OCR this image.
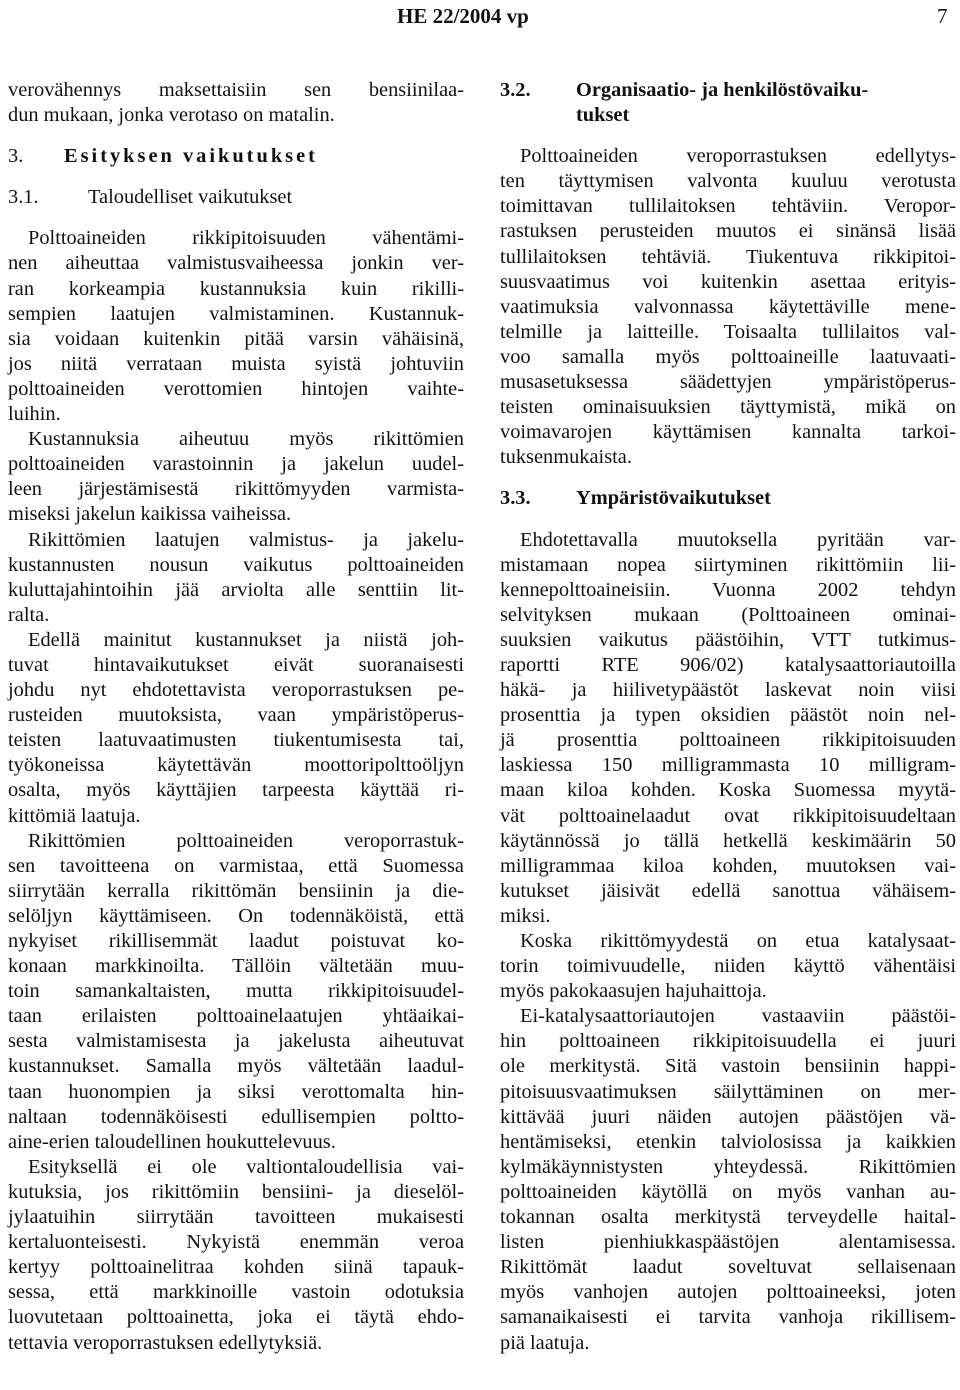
HE 22/2004 vp	7
verovähennys maksettaisiin sen bensiinilaa-
dun mukaan, jonka verotaso on matalin.
3. Esityksen vaikutukset
3.1. Taloudelliset vaikutukset
Polttoaineiden rikkipitoisuuden vähentämi-
nen aiheuttaa valmistusvaiheessa jonkin ver-
ran korkeampia kustannuksia kuin rikilli-
sempien laatujen valmistaminen. Kustannuk-
sia voidaan kuitenkin pitää varsin vähäisinä,
jos niitä verrataan muista syistä johtuviin
polttoaineiden verottomien hintojen vaihte-
luihin.
Kustannuksia aiheutuu myös rikittömien
polttoaineiden varastoinnin ja jakelun uudel-
leen järjestämisestä rikittömyyden varmista-
miseksi jakelun kaikissa vaiheissa.
Rikittömien laatujen valmistus- ja jakelu-
kustannusten nousun vaikutus polttoaineiden
kuluttajahintoihin jää arviolta alle senttiin lit-
ralta.
Edellä mainitut kustannukset ja niistä joh-
tuvat hintavaikutukset eivät suoranaisesti
johdu nyt ehdotettavista veroporrastuksen pe-
rusteiden muutoksista, vaan ympäristöperus-
teisten laatuvaatimusten tiukentumisesta tai,
työkoneissa käytettävän moottoripolttoöljyn
osalta, myös käyttäjien tarpeesta käyttää ri-
kittömiä laatuja.
Rikittömien polttoaineiden veroporrastuk-
sen tavoitteena on varmistaa, että Suomessa
siirrytään kerralla rikittömän bensiinin ja die-
selöljyn käyttämiseen. On todennäköistä, että
nykyiset rikillisemmät laadut poistuvat ko-
konaan markkinoilta. Tällöin vältetään muu-
toin samankaltaisten, mutta rikkipitoisuudel-
taan erilaisten polttoainelaatujen yhtäaikai-
sesta valmistamisesta ja jakelusta aiheutuvat
kustannukset. Samalla myös vältetään laadul-
taan huonompien ja siksi verottomalta hin-
naltaan todennäköisesti edullisempien poltto-
aine-erien taloudellinen houkuttelevuus.
Esityksellä ei ole valtiontaloudellisia vai-
kutuksia, jos rikittömiin bensiini- ja dieselöl-
jylaatuihin siirrytään tavoitteen mukaisesti
kertaluonteisesti. Nykyistä enemmän veroa
kertyy polttoainelitraa kohden siinä tapauk-
sessa, että markkinoille vastoin odotuksia
luovutetaan polttoainetta, joka ei täytä ehdo-
tettavia veroporrastuksen edellytyksiä.
3.2. Organisaatio- ja henkilöstövaiku-
tukset
Polttoaineiden veroporrastuksen edellytys-
ten täyttymisen valvonta kuuluu verotusta
toimittavan tullilaitoksen tehtäviin. Veropor-
rastuksen perusteiden muutos ei sinänsä lisää
tullilaitoksen tehtäviä. Tiukentuva rikkipitoi-
suusvaatimus voi kuitenkin asettaa erityis-
vaatimuksia valvonnassa käytettäville mene-
telmille ja laitteille. Toisaalta tullilaitos val-
voo samalla myös polttoaineille laatuvaati-
musasetuksessa säädettyjen ympäristöperus-
teisten ominaisuuksien täyttymistä, mikä on
voimavarojen käyttämisen kannalta tarkoi-
tuksenmukaista.
3.3. Ympäristövaikutukset
Ehdotettavalla muutoksella pyritään var-
mistamaan nopea siirtyminen rikittömiin lii-
kennepolttoaineisiin. Vuonna 2002 tehdyn
selvityksen mukaan (Polttoaineen ominai-
suuksien vaikutus päästöihin, VTT tutkimus-
raportti RTE 906/02) katalysaattoriautoilla
häkä- ja hiilivetypäästöt laskevat noin viisi
prosenttia ja typen oksidien päästöt noin nel-
jä prosenttia polttoaineen rikkipitoisuuden
laskiessa 150 milligrammasta 10 milligram-
maan kiloa kohden. Koska Suomessa myytä-
vät polttoainelaadut ovat rikkipitoisuudeltaan
käytännössä jo tällä hetkellä keskimäärin 50
milligrammaa kiloa kohden, muutoksen vai-
kutukset jäisivät edellä sanottua vähäisem-
miksi.
Koska rikittömyydestä on etua katalysaat-
torin toimivuudelle, niiden käyttö vähentäisi
myös pakokaasujen hajuhaittoja.
Ei-katalysaattoriautojen vastaaviin päästöi-
hin polttoaineen rikkipitoisuudella ei juuri
ole merkitystä. Sitä vastoin bensiinin happi-
pitoisuusvaatimuksen säilyttäminen on mer-
kittävää juuri näiden autojen päästöjen vä-
hentämiseksi, etenkin talviolosissa ja kaikkien
kylmäkäynnistysten yhteydessä. Rikittömien
polttoaineiden käytöllä on myös vanhan au-
tokannan osalta merkitystä terveydelle haital-
listen pienhiukkaspäästöjen alentamisessa.
Rikittömät laadut soveltuvat sellaisenaan
myös vanhojen autojen polttoaineeksi, joten
samanaikaisesti ei tarvita vanhoja rikillisem-
piä laatuja.
